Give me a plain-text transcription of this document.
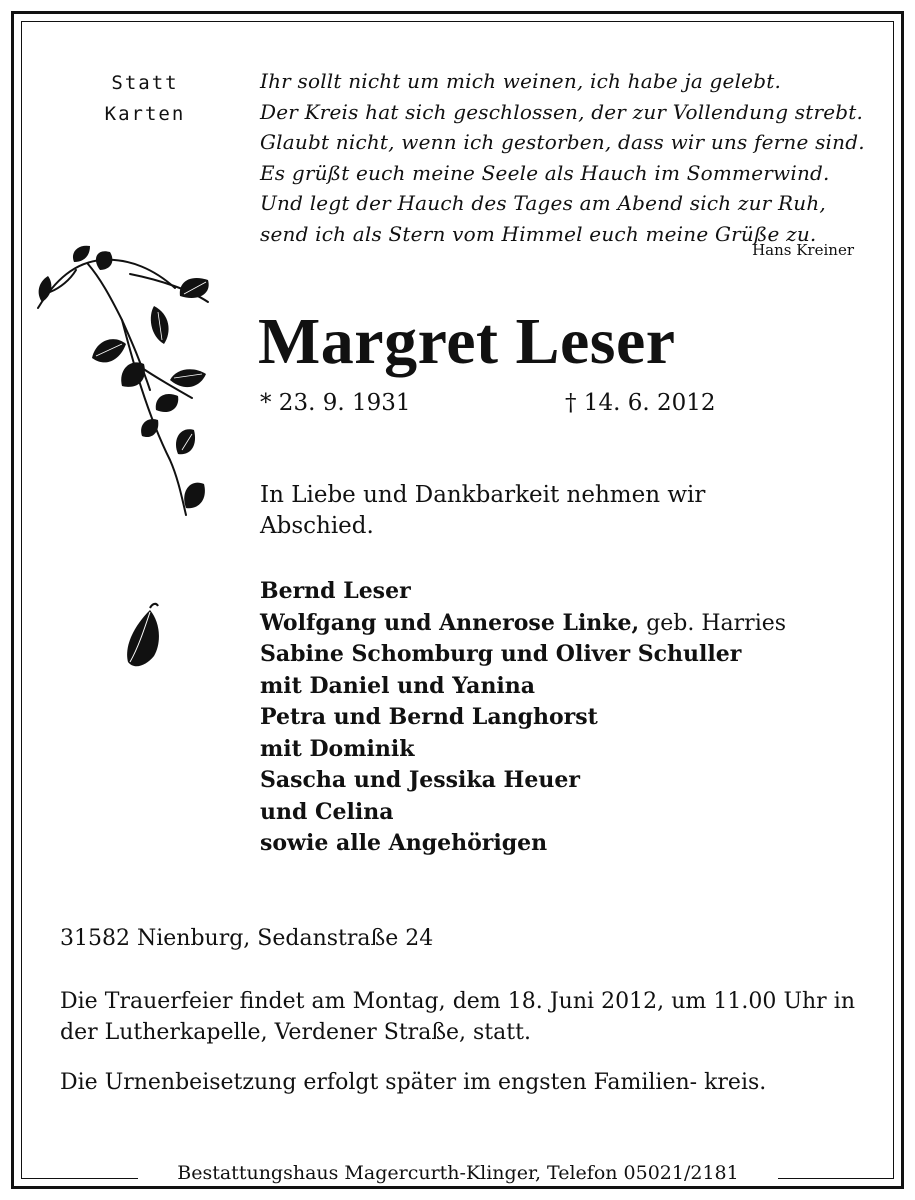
Statt
Karten
Ihr sollt nicht um mich weinen, ich habe ja gelebt.
Der Kreis hat sich geschlossen, der zur Vollendung strebt.
Glaubt nicht, wenn ich gestorben, dass wir uns ferne sind.
Es grüßt euch meine Seele als Hauch im Sommerwind.
Und legt der Hauch des Tages am Abend sich zur Ruh,
send ich als Stern vom Himmel euch meine Grüße zu.
Hans Kreiner
Margret Leser
* 23. 9. 1931	† 14. 6. 2012
In Liebe und Dankbarkeit nehmen wir Abschied.
Bernd Leser
Wolfgang und Annerose Linke, geb. Harries
Sabine Schomburg und Oliver Schuller
mit Daniel und Yanina
Petra und Bernd Langhorst
mit Dominik
Sascha und Jessika Heuer
und Celina
sowie alle Angehörigen
31582 Nienburg, Sedanstraße 24
Die Trauerfeier findet am Montag, dem 18. Juni 2012, um 11.00 Uhr in der Lutherkapelle, Verdener Straße, statt.
Die Urnenbeisetzung erfolgt später im engsten Familien- kreis.
Bestattungshaus Magercurth-Klinger, Telefon 05021/2181
